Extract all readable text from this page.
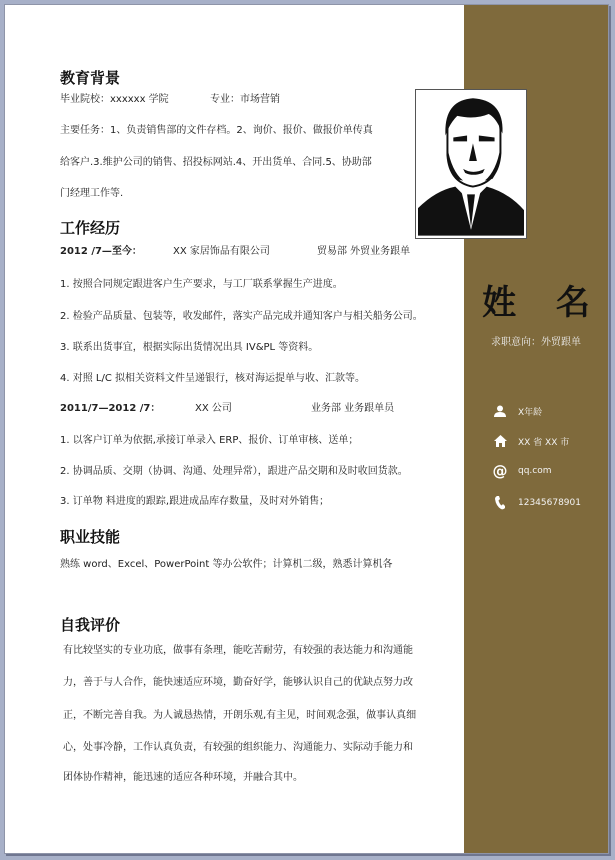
姓 名
求职意向：外贸跟单
X年龄
XX 省 XX 市
@ qq.com
12345678901
教育背景
毕业院校：xxxxxx 学院	专业：市场营销
主要任务：1、负责销售部的文件存档。2、询价、报价、做报价单传真
给客户.3.维护公司的销售、招投标网站.4、开出货单、合同.5、协助部
门经理工作等.
工作经历
2012 /7—至今：	XX 家居饰品有限公司	贸易部 外贸业务跟单
1. 按照合同规定跟进客户生产要求，与工厂联系掌握生产进度。
2. 检验产品质量、包装等，收发邮件，落实产品完成并通知客户与相关船务公司。
3. 联系出货事宜，根据实际出货情况出具 IV&PL 等资料。
4. 对照 L/C 拟相关资料文件呈递银行，核对海运提单与收、汇款等。
2011/7—2012 /7：	XX 公司	业务部 业务跟单员
1. 以客户订单为依据,承接订单录入 ERP、报价、订单审核、送单；
2. 协调品质、交期（协调、沟通、处理异常），跟进产品交期和及时收回货款。
3. 订单物 料进度的跟踪,跟进成品库存数量，及时对外销售；
职业技能
熟练 word、Excel、PowerPoint 等办公软件；计算机二级，熟悉计算机各
自我评价
有比较坚实的专业功底，做事有条理，能吃苦耐劳，有较强的表达能力和沟通能
力，善于与人合作，能快速适应环境，勤奋好学，能够认识自己的优缺点努力改
正，不断完善自我。为人诚恳热情，开朗乐观,有主见，时间观念强，做事认真细
心，处事冷静，工作认真负责，有较强的组织能力、沟通能力、实际动手能力和
团体协作精神，能迅速的适应各种环境，并融合其中。
